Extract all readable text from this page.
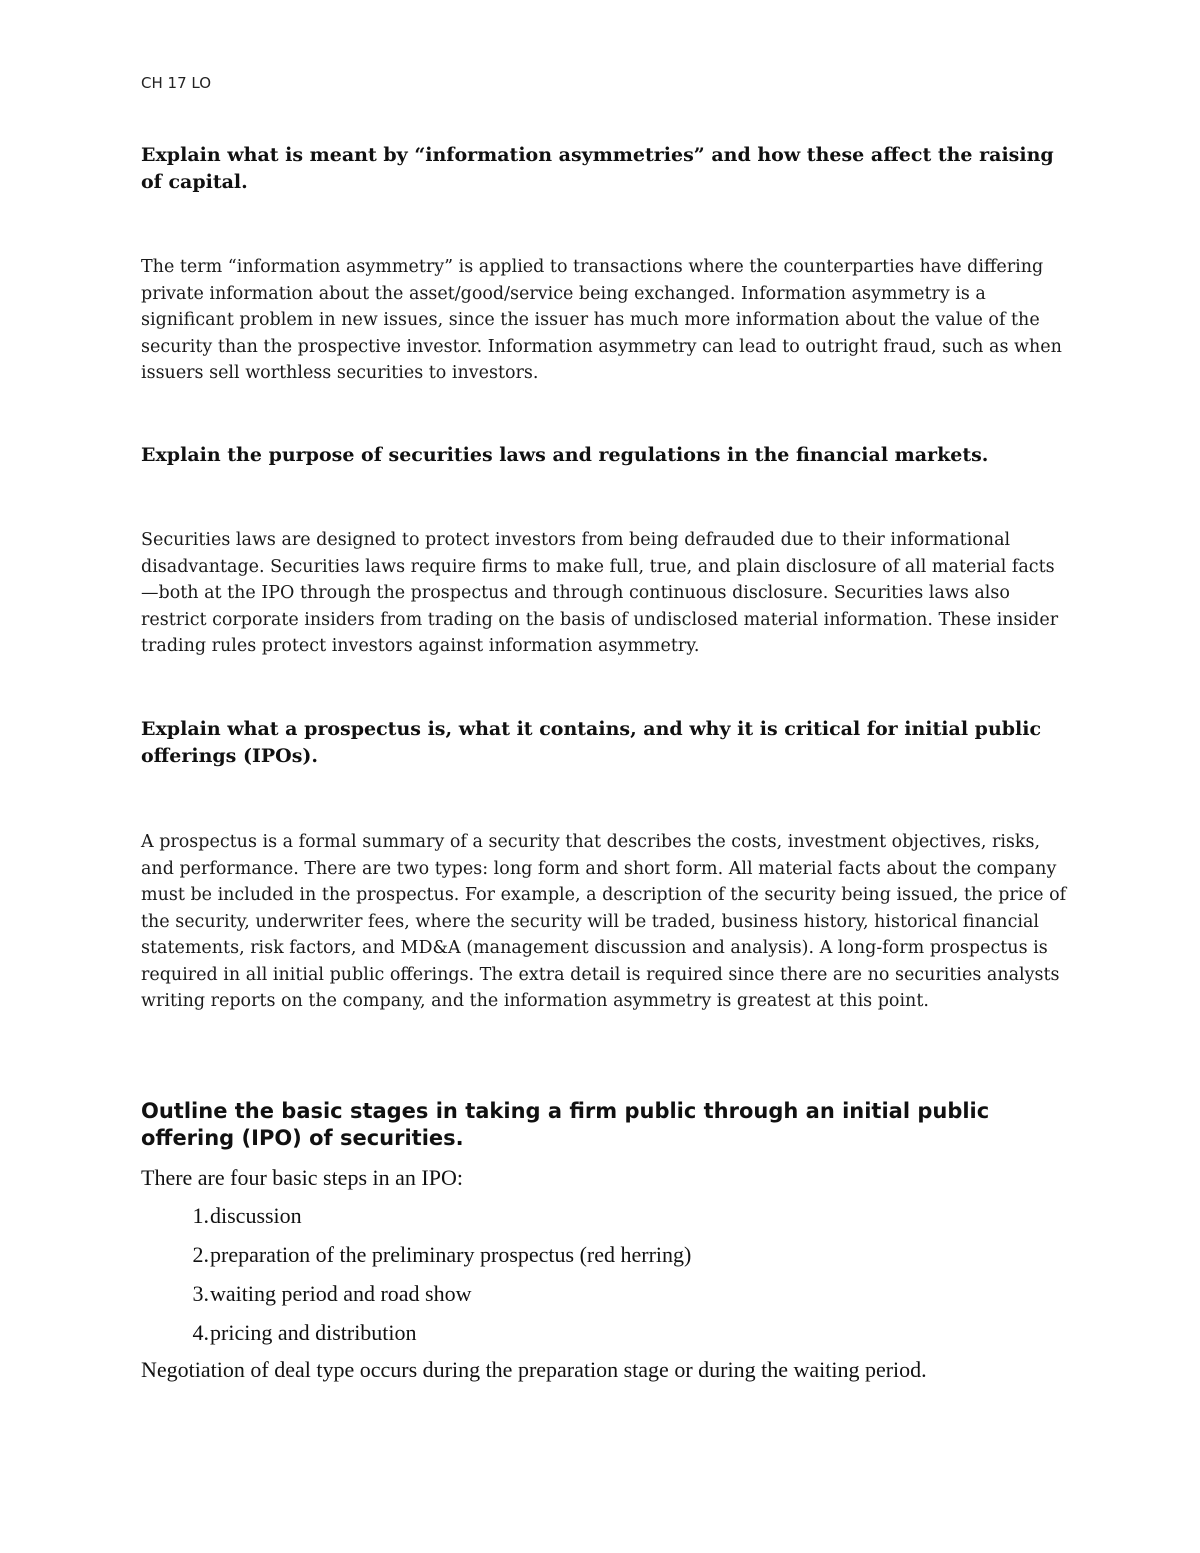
CH 17 LO
Explain what is meant by “information asymmetries” and how these affect the raising of capital.

The term “information asymmetry” is applied to transactions where the counterparties have differing private information about the asset/good/service being exchanged. Information asymmetry is a significant problem in new issues, since the issuer has much more information about the value of the security than the prospective investor. Information asymmetry can lead to outright fraud, such as when issuers sell worthless securities to investors.

Explain the purpose of securities laws and regulations in the financial markets.

Securities laws are designed to protect investors from being defrauded due to their informational disadvantage. Securities laws require firms to make full, true, and plain disclosure of all material facts—both at the IPO through the prospectus and through continuous disclosure. Securities laws also restrict corporate insiders from trading on the basis of undisclosed material information. These insider trading rules protect investors against information asymmetry.

Explain what a prospectus is, what it contains, and why it is critical for initial public offerings (IPOs).

A prospectus is a formal summary of a security that describes the costs, investment objectives, risks, and performance. There are two types: long form and short form. All material facts about the company must be included in the prospectus. For example, a description of the security being issued, the price of the security, underwriter fees, where the security will be traded, business history, historical financial statements, risk factors, and MD&A (management discussion and analysis). A long-form prospectus is required in all initial public offerings. The extra detail is required since there are no securities analysts writing reports on the company, and the information asymmetry is greatest at this point.

Outline the basic stages in taking a firm public through an initial public offering (IPO) of securities.

There are four basic steps in an IPO:

1. discussion
2. preparation of the preliminary prospectus (red herring)
3. waiting period and road show
4. pricing and distribution

Negotiation of deal type occurs during the preparation stage or during the waiting period.
